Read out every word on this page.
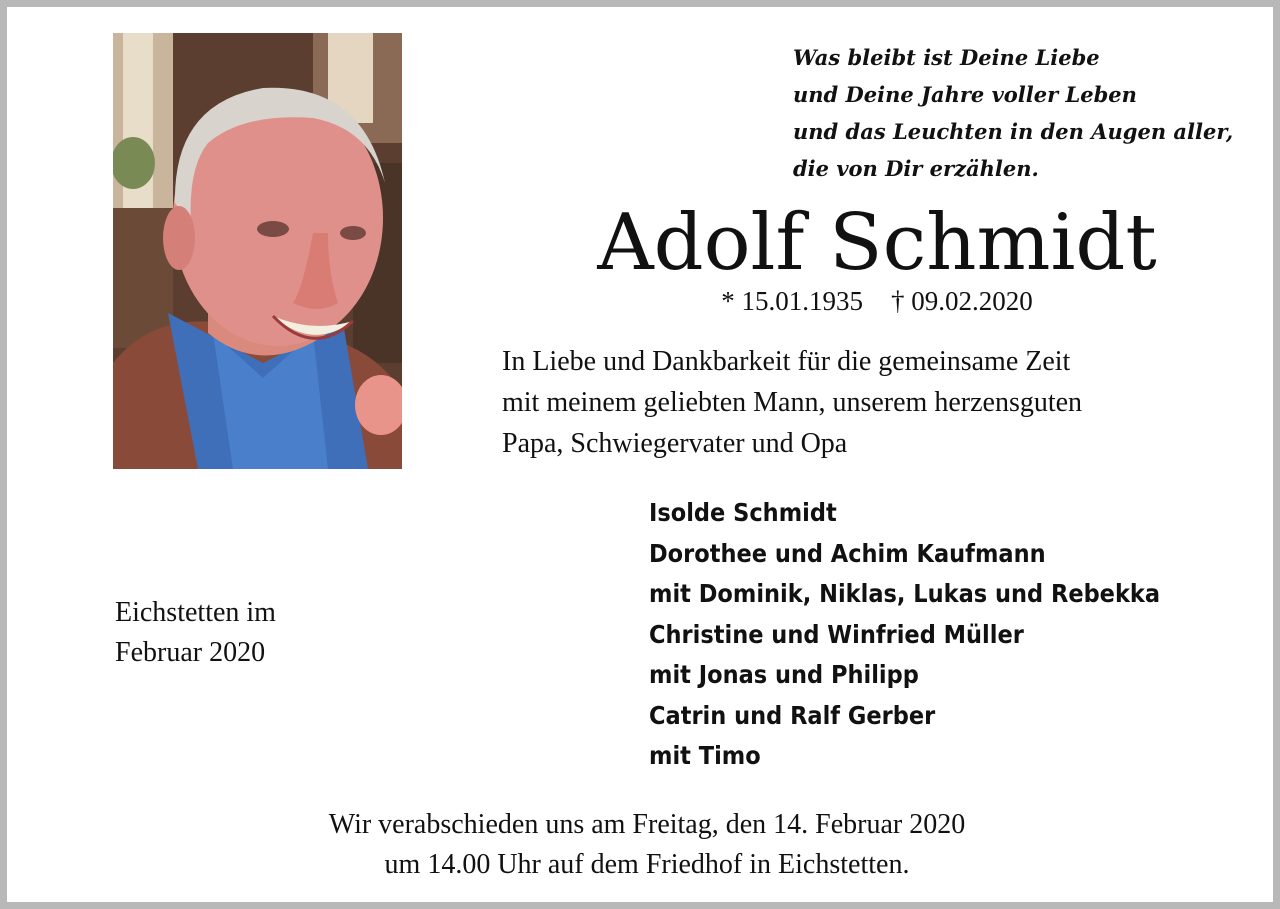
Was bleibt ist Deine Liebe
und Deine Jahre voller Leben
und das Leuchten in den Augen aller,
die von Dir erzählen.
Adolf Schmidt
* 15.01.1935 † 09.02.2020
In Liebe und Dankbarkeit für die gemeinsame Zeit
mit meinem geliebten Mann, unserem herzensguten
Papa, Schwiegervater und Opa
Eichstetten im
Februar 2020
Isolde Schmidt
Dorothee und Achim Kaufmann
mit Dominik, Niklas, Lukas und Rebekka
Christine und Winfried Müller
mit Jonas und Philipp
Catrin und Ralf Gerber
mit Timo
Wir verabschieden uns am Freitag, den 14. Februar 2020
um 14.00 Uhr auf dem Friedhof in Eichstetten.
